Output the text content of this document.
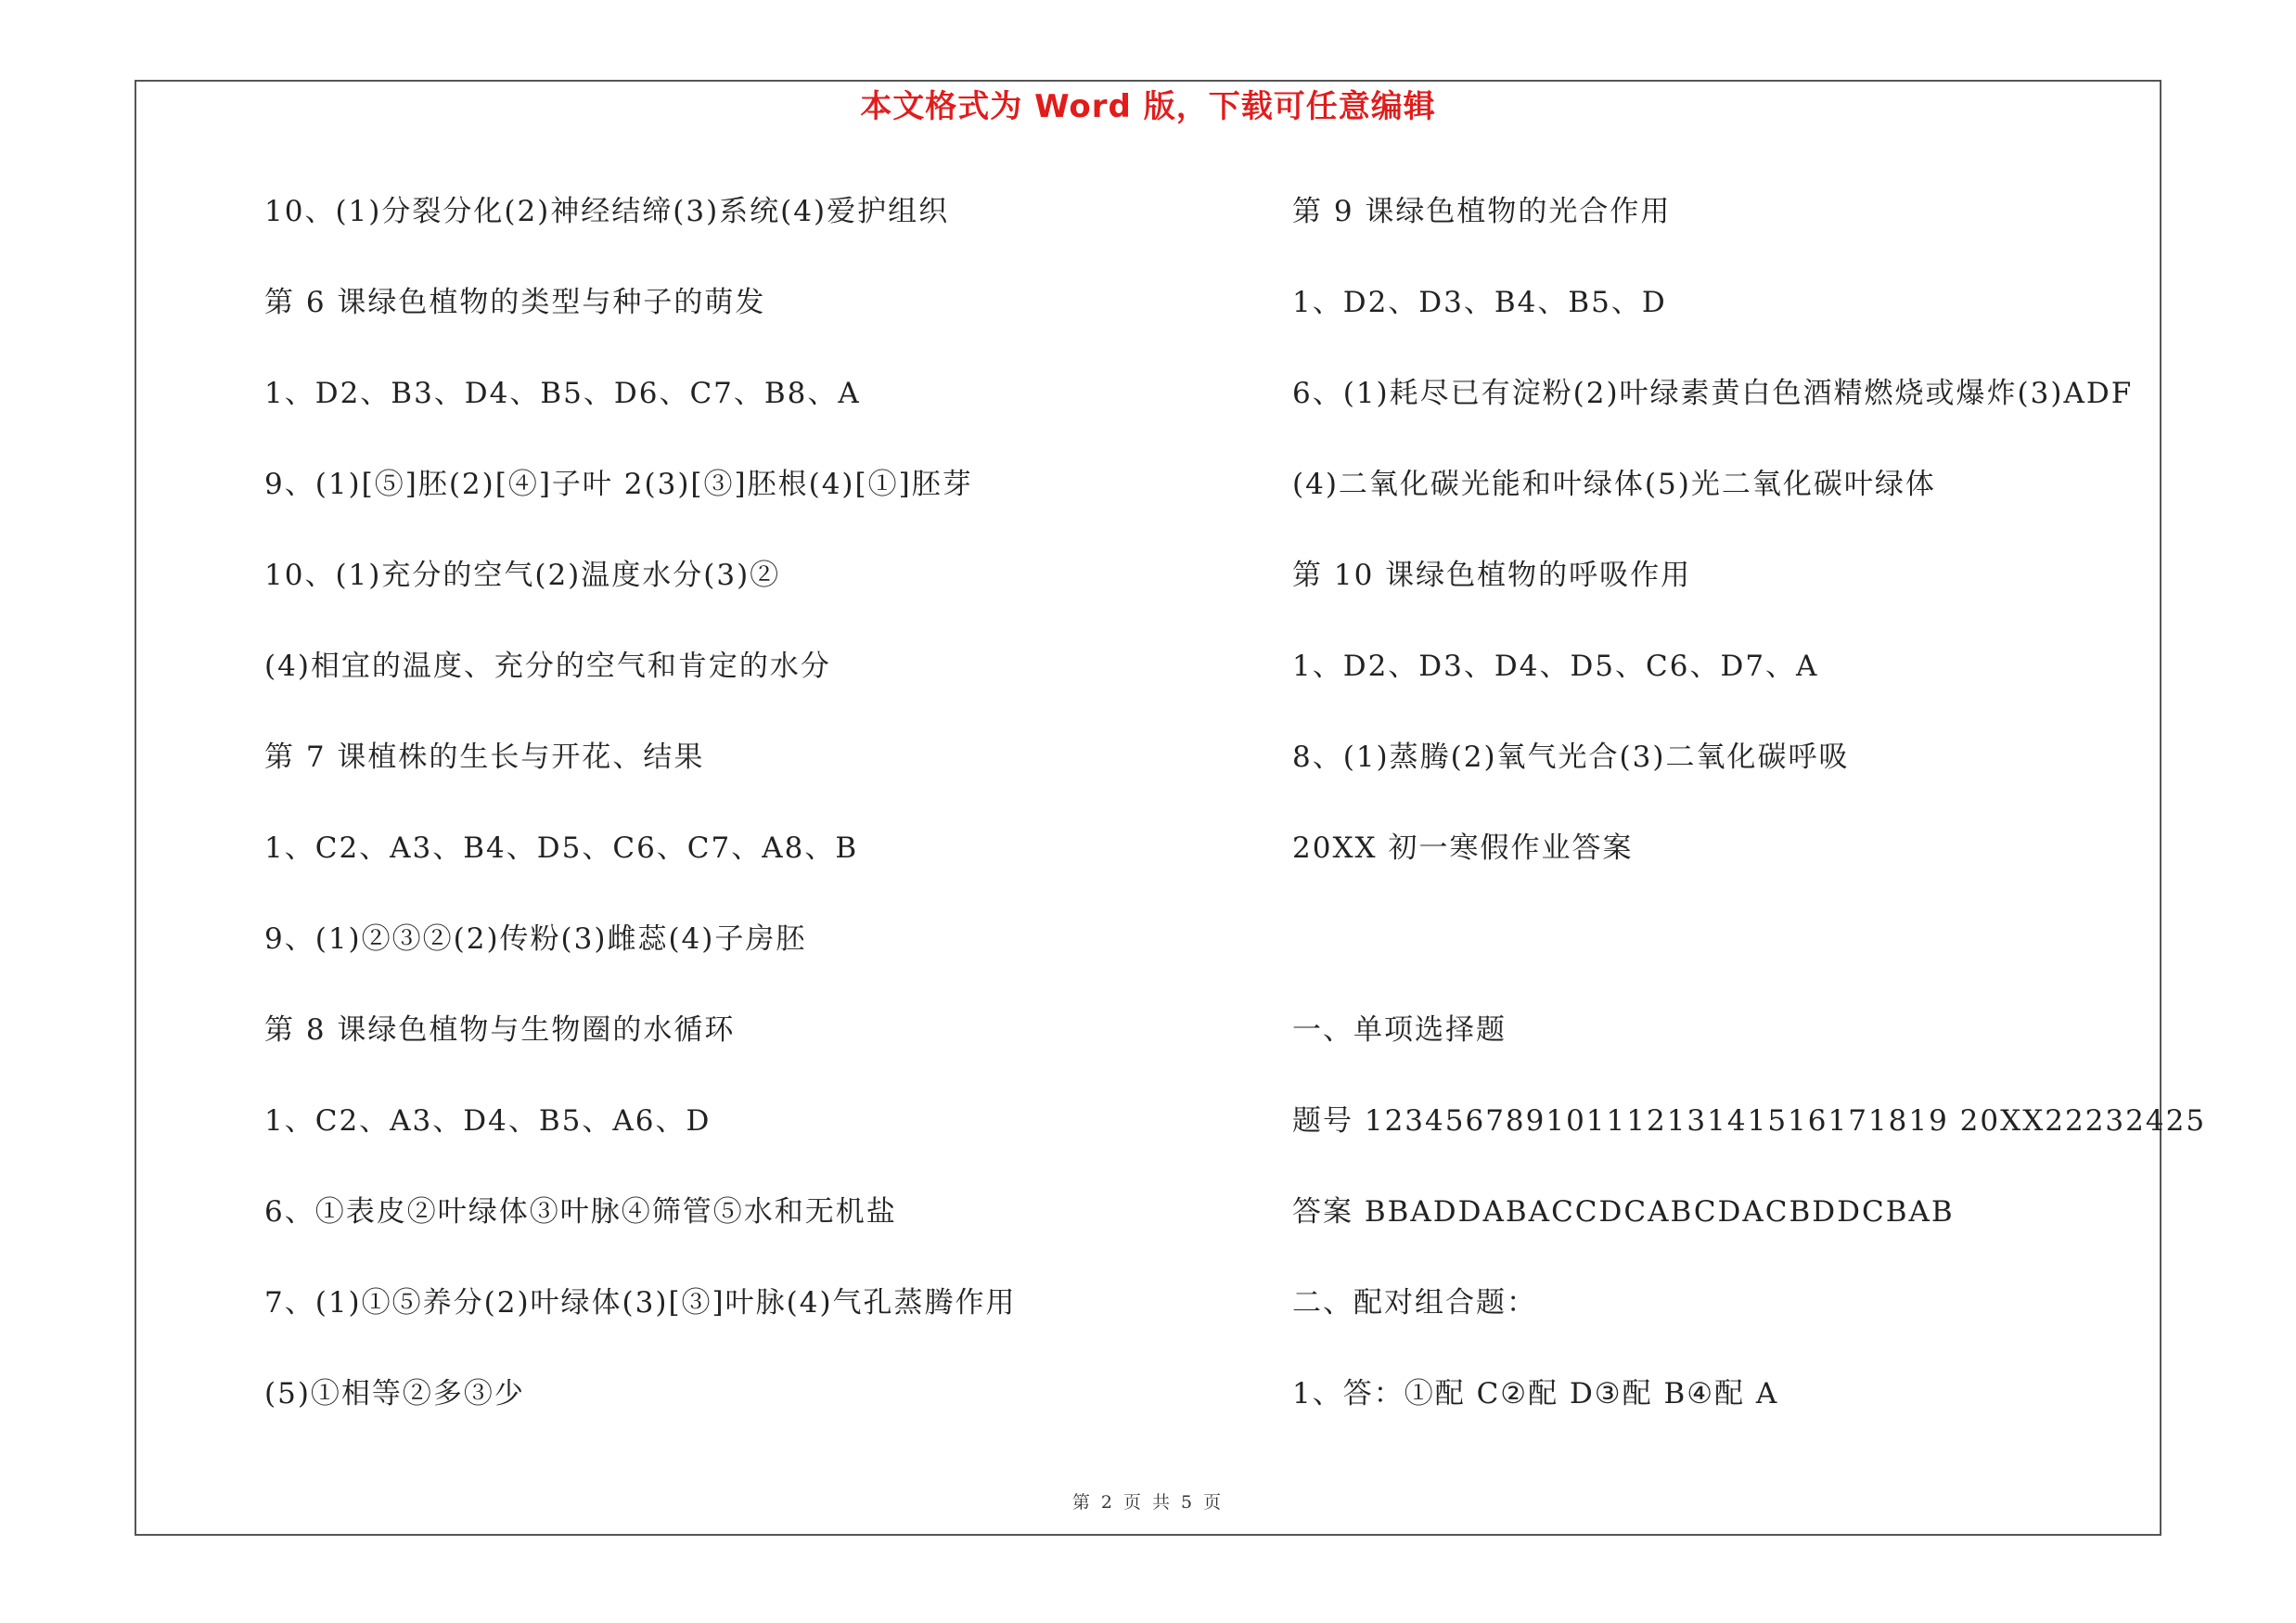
本文格式为 Word 版，下载可任意编辑
10、(1)分裂分化(2)神经结缔(3)系统(4)爱护组织
第 6 课绿色植物的类型与种子的萌发
1、D2、B3、D4、B5、D6、C7、B8、A
9、(1)[⑤]胚(2)[④]子叶 2(3)[③]胚根(4)[①]胚芽
10、(1)充分的空气(2)温度水分(3)②
(4)相宜的温度、充分的空气和肯定的水分
第 7 课植株的生长与开花、结果
1、C2、A3、B4、D5、C6、C7、A8、B
9、(1)②③②(2)传粉(3)雌蕊(4)子房胚
第 8 课绿色植物与生物圈的水循环
1、C2、A3、D4、B5、A6、D
6、①表皮②叶绿体③叶脉④筛管⑤水和无机盐
7、(1)①⑤养分(2)叶绿体(3)[③]叶脉(4)气孔蒸腾作用
(5)①相等②多③少
第 9 课绿色植物的光合作用
1、D2、D3、B4、B5、D
6、(1)耗尽已有淀粉(2)叶绿素黄白色酒精燃烧或爆炸(3)ADF
(4)二氧化碳光能和叶绿体(5)光二氧化碳叶绿体
第 10 课绿色植物的呼吸作用
1、D2、D3、D4、D5、C6、D7、A
8、(1)蒸腾(2)氧气光合(3)二氧化碳呼吸
20XX 初一寒假作业答案
一、单项选择题
题号 12345678910111213141516171819 20XX22232425
答案 BBADDABACCDCABCDACBDDCBAB
二、配对组合题：
1、答：①配 C②配 D③配 B④配 A
第 2 页 共 5 页
